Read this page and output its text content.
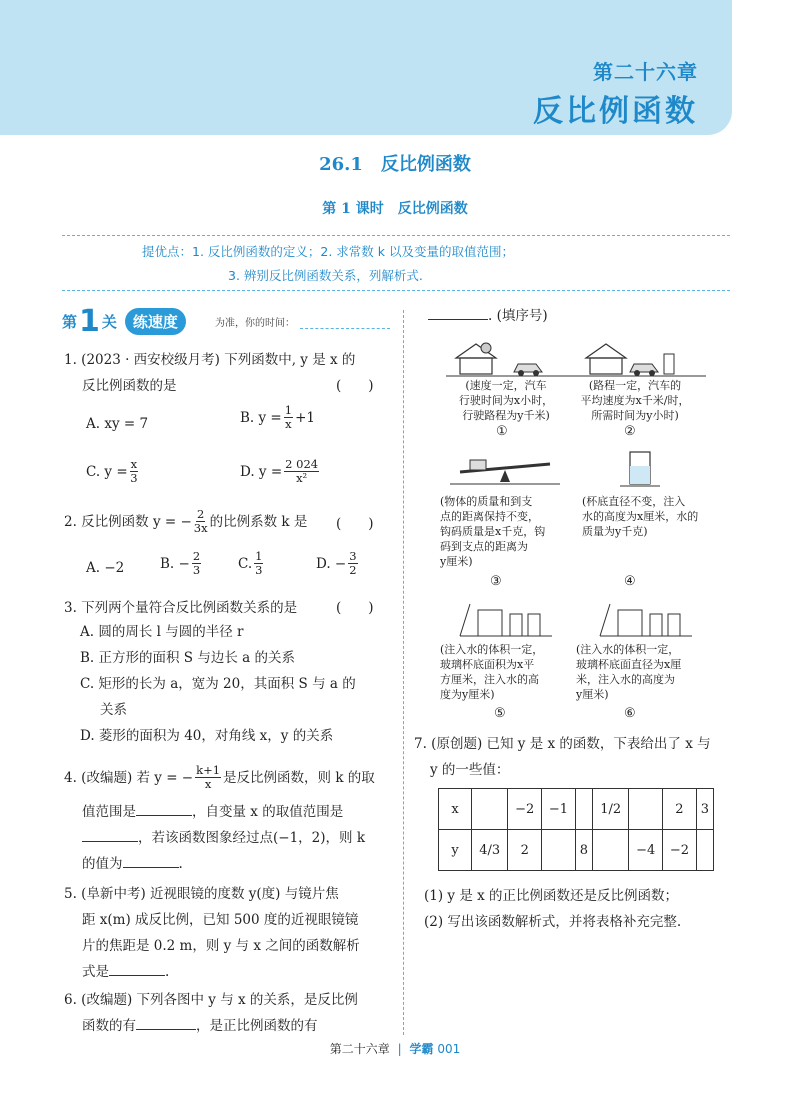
第二十六章
反比例函数
26.1　反比例函数
第 1 课时　反比例函数
提优点：1. 反比例函数的定义；2. 求常数 k 以及变量的取值范围；
3. 辨别反比例函数关系，列解析式.
第 1 关	练速度	为准，你的时间：
1. (2023 · 西安校级月考) 下列函数中, y 是 x 的
反比例函数的是	(　　)
A. xy = 7	B. $y = \frac{1}{x} +1$
C. $y = \frac{x}{3}$	D. $y = \frac{2 024}{\text{x²}}$
2. 反比例函数 y = − $\frac{2}{3x}$ 的比例系数 k 是 (　　)
A. −2	B. − $\frac{2}{3}$	C. $\frac{1}{3}$	D. − $\frac{3}{2}$
3. 下列两个量符合反比例函数关系的是	(　　)
A. 圆的周长 l 与圆的半径 r
B. 正方形的面积 S 与边长 a 的关系
C. 矩形的长为 a，宽为 20，其面积 S 与 a 的
关系
D. 菱形的面积为 40，对角线 x，y 的关系
4. (改编题) 若 y = − $\frac{k+1}{x}$ 是反比例函数，则 k 的取
值范围是	，自变量 x 的取值范围是
，若该函数图象经过点(−1，2)，则 k
的值为	.
5. (阜新中考) 近视眼镜的度数 y(度) 与镜片焦
距 x(m) 成反比例，已知 500 度的近视眼镜镜
片的焦距是 0.2 m，则 y 与 x 之间的函数解析
式是	.
6. (改编题) 下列各图中 y 与 x 的关系，是反比例
函数的有	，是正比例函数的有
. (填序号)
(速度一定，汽车
行驶时间为x小时，
行驶路程为y千米)
①
(路程一定，汽车的
平均速度为x千米/时，
所需时间为y小时)
②
(物体的质量和到支
点的距离保持不变，
钩码质量是x千克，钩
码到支点的距离为
y厘米)
③
(杯底直径不变，注入
水的高度为x厘米，水的
质量为y千克)
④
(注入水的体积一定，
玻璃杯底面积为x平
方厘米，注入水的高
度为y厘米)
⑤
(注入水的体积一定，
玻璃杯底面直径为x厘
米，注入水的高度为
y厘米)
⑥
7. (原创题) 已知 y 是 x 的函数，下表给出了 x 与
y 的一些值：
x		−2	−1		1/2		2	3
y	4/3	2		8		−4	−2	
(1) y 是 x 的正比例函数还是反比例函数；
(2) 写出该函数解析式，并将表格补充完整.
第二十六章 | 学霸 001
